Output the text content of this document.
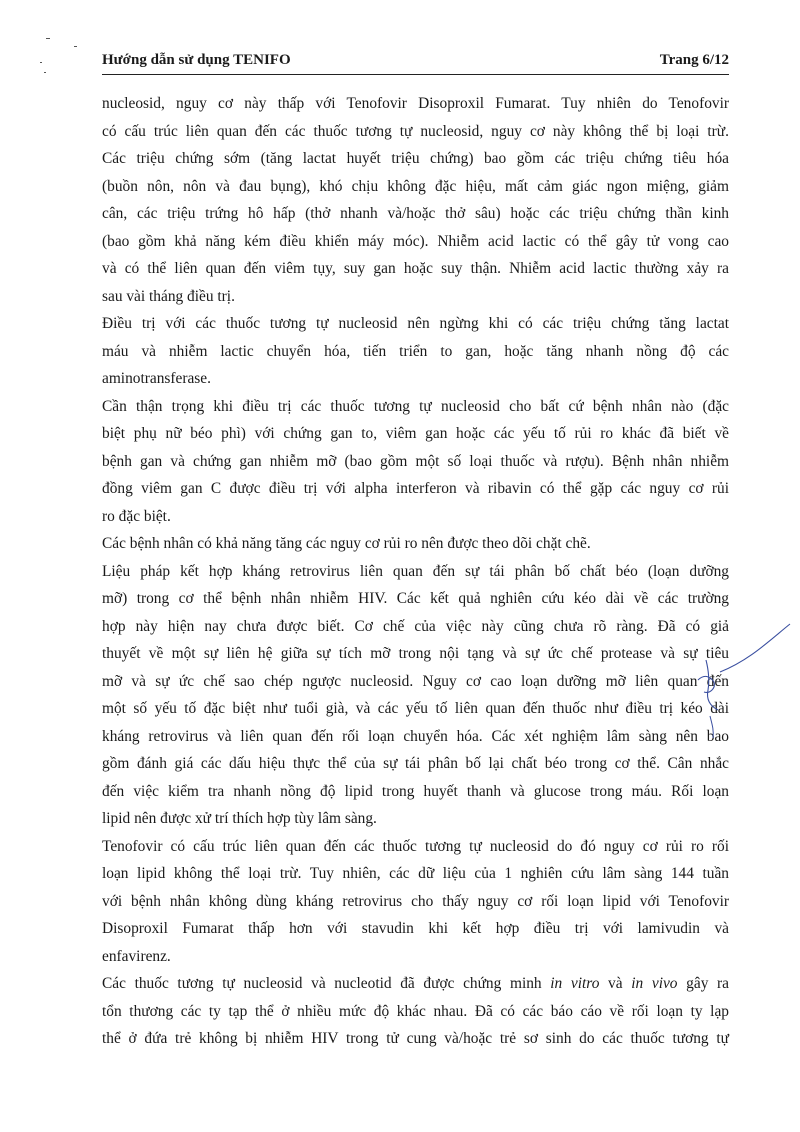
Hướng dẫn sử dụng TENIFO	Trang 6/12
nucleosid, nguy cơ này thấp với Tenofovir Disoproxil Fumarat. Tuy nhiên do Tenofovir
có cấu trúc liên quan đến các thuốc tương tự nucleosid, nguy cơ này không thể bị loại trừ.
Các triệu chứng sớm (tăng lactat huyết triệu chứng) bao gồm các triệu chứng tiêu hóa
(buồn nôn, nôn và đau bụng), khó chịu không đặc hiệu, mất cảm giác ngon miệng, giảm
cân, các triệu trứng hô hấp (thở nhanh và/hoặc thở sâu) hoặc các triệu chứng thần kinh
(bao gồm khả năng kém điều khiển máy móc). Nhiễm acid lactic có thể gây tử vong cao
và có thể liên quan đến viêm tụy, suy gan hoặc suy thận. Nhiễm acid lactic thường xảy ra
sau vài tháng điều trị.
Điều trị với các thuốc tương tự nucleosid nên ngừng khi có các triệu chứng tăng lactat
máu và nhiễm lactic chuyển hóa, tiến triển to gan, hoặc tăng nhanh nồng độ các
aminotransferase.
Cần thận trọng khi điều trị các thuốc tương tự nucleosid cho bất cứ bệnh nhân nào (đặc
biệt phụ nữ béo phì) với chứng gan to, viêm gan hoặc các yếu tố rủi ro khác đã biết về
bệnh gan và chứng gan nhiễm mỡ (bao gồm một số loại thuốc và rượu). Bệnh nhân nhiễm
đồng viêm gan C được điều trị với alpha interferon và ribavin có thể gặp các nguy cơ rủi
ro đặc biệt.
Các bệnh nhân có khả năng tăng các nguy cơ rủi ro nên được theo dõi chặt chẽ.
Liệu pháp kết hợp kháng retrovirus liên quan đến sự tái phân bố chất béo (loạn dưỡng
mỡ) trong cơ thể bệnh nhân nhiễm HIV. Các kết quả nghiên cứu kéo dài về các trường
hợp này hiện nay chưa được biết. Cơ chế của việc này cũng chưa rõ ràng. Đã có giả
thuyết về một sự liên hệ giữa sự tích mỡ trong nội tạng và sự ức chế protease và sự tiêu
mỡ và sự ức chế sao chép ngược nucleosid. Nguy cơ cao loạn dưỡng mỡ liên quan đến
một số yếu tố đặc biệt như tuổi già, và các yếu tố liên quan đến thuốc như điều trị kéo dài
kháng retrovirus và liên quan đến rối loạn chuyển hóa. Các xét nghiệm lâm sàng nên bao
gồm đánh giá các dấu hiệu thực thể của sự tái phân bố lại chất béo trong cơ thể. Cân nhắc
đến việc kiểm tra nhanh nồng độ lipid trong huyết thanh và glucose trong máu. Rối loạn
lipid nên được xử trí thích hợp tùy lâm sàng.
Tenofovir có cấu trúc liên quan đến các thuốc tương tự nucleosid do đó nguy cơ rủi ro rối
loạn lipid không thể loại trừ. Tuy nhiên, các dữ liệu của 1 nghiên cứu lâm sàng 144 tuần
với bệnh nhân không dùng kháng retrovirus cho thấy nguy cơ rối loạn lipid với Tenofovir
Disoproxil Fumarat thấp hơn với stavudin khi kết hợp điều trị với lamivudin và
enfavirenz.
Các thuốc tương tự nucleosid và nucleotid đã được chứng minh in vitro và in vivo gây ra
tổn thương các ty tạp thể ở nhiều mức độ khác nhau. Đã có các báo cáo về rối loạn ty lạp
thể ở đứa trẻ không bị nhiễm HIV trong tử cung và/hoặc trẻ sơ sinh do các thuốc tương tự
